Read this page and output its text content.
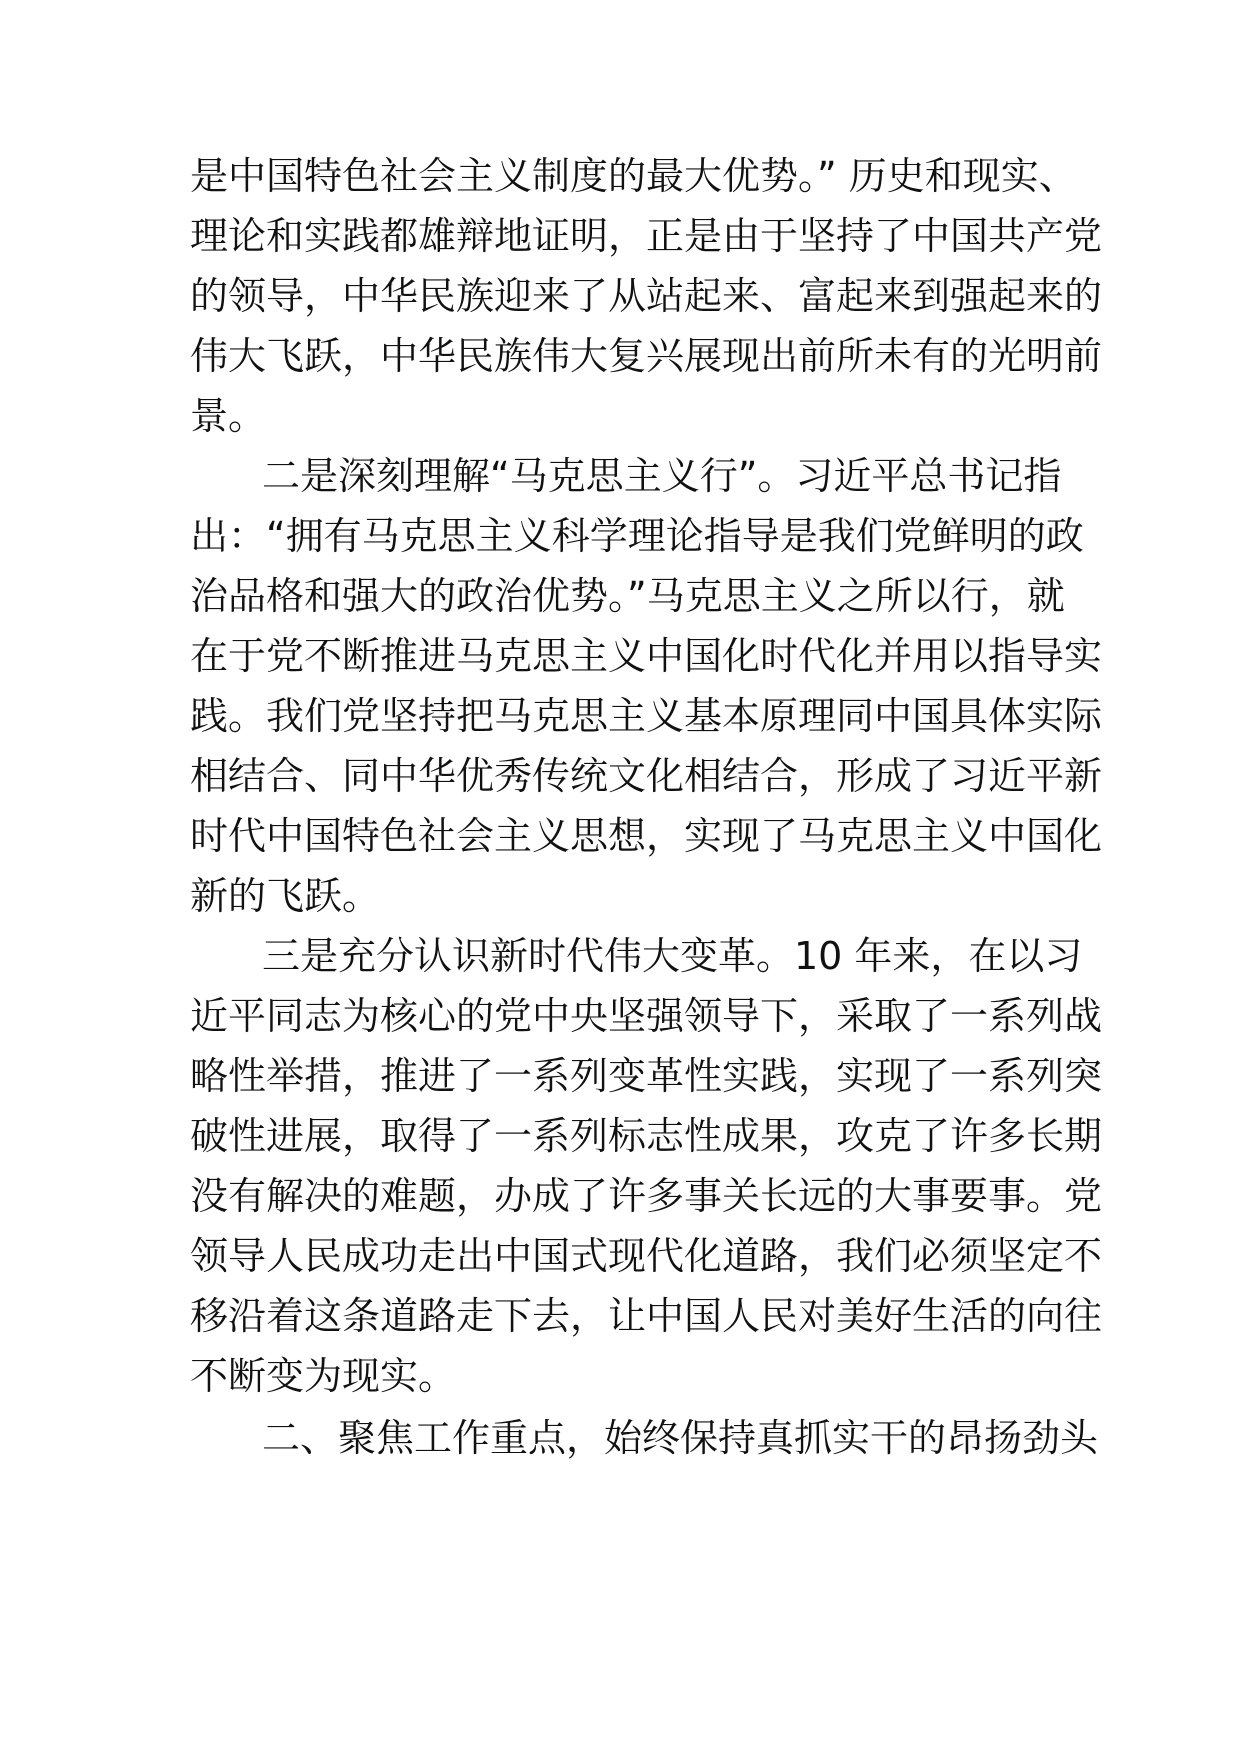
是中国特色社会主义制度的最大优势。” 历史和现实、
理论和实践都雄辩地证明，正是由于坚持了中国共产党
的领导，中华民族迎来了从站起来、富起来到强起来的
伟大飞跃，中华民族伟大复兴展现出前所未有的光明前
景。
二是深刻理解“马克思主义行”。习近平总书记指
出：“拥有马克思主义科学理论指导是我们党鲜明的政
治品格和强大的政治优势。”马克思主义之所以行，就
在于党不断推进马克思主义中国化时代化并用以指导实
践。我们党坚持把马克思主义基本原理同中国具体实际
相结合、同中华优秀传统文化相结合，形成了习近平新
时代中国特色社会主义思想，实现了马克思主义中国化
新的飞跃。
三是充分认识新时代伟大变革。10 年来，在以习
近平同志为核心的党中央坚强领导下，采取了一系列战
略性举措，推进了一系列变革性实践，实现了一系列突
破性进展，取得了一系列标志性成果，攻克了许多长期
没有解决的难题，办成了许多事关长远的大事要事。党
领导人民成功走出中国式现代化道路，我们必须坚定不
移沿着这条道路走下去，让中国人民对美好生活的向往
不断变为现实。
二、聚焦工作重点，始终保持真抓实干的昂扬劲头
